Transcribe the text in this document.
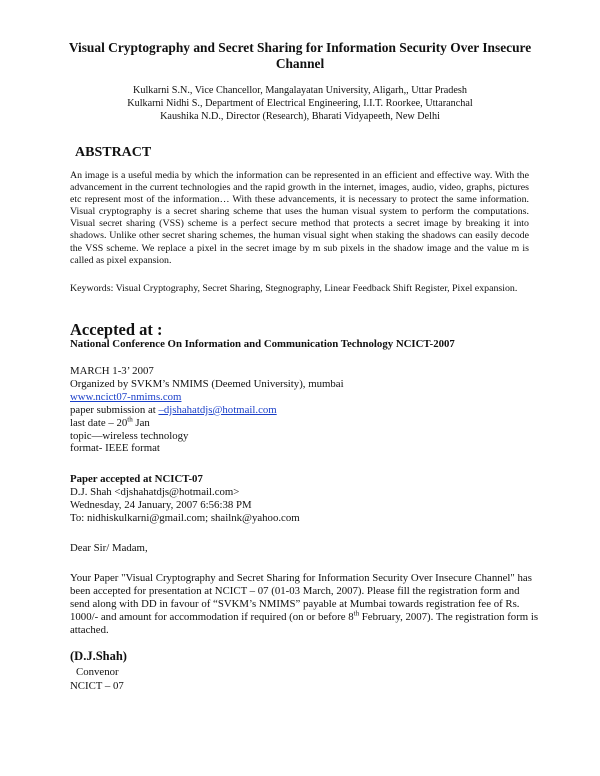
Visual Cryptography and Secret Sharing for Information Security Over Insecure Channel
Kulkarni S.N., Vice Chancellor, Mangalayatan University, Aligarh,, Uttar Pradesh
Kulkarni Nidhi S., Department of Electrical Engineering, I.I.T. Roorkee, Uttaranchal
Kaushika N.D., Director (Research), Bharati Vidyapeeth, New Delhi
ABSTRACT
An image is a useful media by which the information can be represented in an efficient and effective way. With the advancement in the current technologies and the rapid growth in the internet, images, audio, video, graphs, pictures etc represent most of the information… With these advancements, it is necessary to protect the same information. Visual cryptography is a secret sharing scheme that uses the human visual system to perform the computations. Visual secret sharing (VSS) scheme is a perfect secure method that protects a secret image by breaking it into shadows. Unlike other secret sharing schemes, the human visual sight when staking the shadows can easily decode the VSS scheme. We replace a pixel in the secret image by m sub pixels in the shadow image and the value m is called as pixel expansion.
Keywords: Visual Cryptography, Secret Sharing, Stegnography, Linear Feedback Shift Register, Pixel expansion.
Accepted at :
National Conference On Information and Communication Technology NCICT-2007
MARCH 1-3’ 2007
Organized by SVKM’s NMIMS (Deemed University), mumbai
www.ncict07-nmims.com
paper submission at –djshahatdjs@hotmail.com
last date – 20th Jan
topic—wireless technology
format- IEEE format
Paper accepted at NCICT-07
D.J. Shah <djshahatdjs@hotmail.com>
Wednesday, 24 January, 2007 6:56:38 PM
To: nidhiskulkarni@gmail.com; shailnk@yahoo.com
Dear Sir/ Madam,
Your Paper "Visual Cryptography and Secret Sharing for Information Security Over Insecure Channel" has been accepted for presentation at NCICT – 07 (01-03 March, 2007). Please fill the registration form and send along with DD in favour of “SVKM’s NMIMS” payable at Mumbai towards registration fee of Rs. 1000/- and amount for accommodation if required (on or before 8th February, 2007). The registration form is attached.
(D.J.Shah)
Convenor
NCICT – 07
